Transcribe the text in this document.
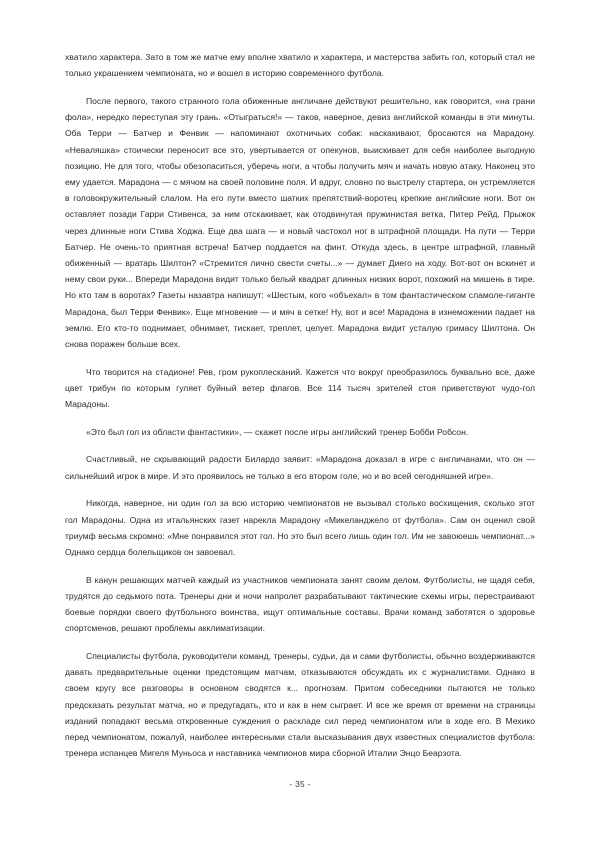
хватило характера. Зато в том же матче ему вполне хватило и характера, и мастерства забить гол, который стал не только украшением чемпионата, но и вошел в историю современного футбола.

После первого, такого странного гола обиженные англичане действуют решительно, как говорится, «на грани фола», нередко переступая эту грань. «Отыграться!» — таков, наверное, девиз английской команды в эти минуты. Оба Терри — Батчер и Фенвик — напоминают охотничьих собак: наскакивают, бросаются на Марадону. «Неваляшка» стоически переносит все это, увертывается от опекунов, выискивает для себя наиболее выгодную позицию. Не для того, чтобы обезопаситься, уберечь ноги, а чтобы получить мяч и начать новую атаку. Наконец это ему удается. Марадона — с мячом на своей половине поля. И вдруг, словно по выстрелу стартера, он устремляется в головокружительный слалом. На его пути вместо шатких препятствий-воротец крепкие английские ноги. Вот он оставляет позади Гарри Стивенса, за ним отскакивает, как отодвинутая пружинистая ветка, Питер Рейд. Прыжок через длинные ноги Стива Ходжа. Еще два шага — и новый частокол ног в штрафной площади. На пути — Терри Батчер. Не очень-то приятная встреча! Батчер поддается на финт. Откуда здесь, в центре штрафной, главный обиженный — вратарь Шилтон? «Стремится лично свести счеты...» — думает Диего на ходу. Вот-вот он вскинет и нему свои руки... Впереди Марадона видит только белый квадрат длинных низких ворот, похожий на мишень в тире. Но кто там в воротах? Газеты назавтра напишут: «Шестым, кого «объехал» в том фантастическом сламоле-гиганте Марадона, был Терри Фенвик». Еще мгновение — и мяч в сетке! Ну, вот и все! Марадона в изнеможении падает на землю. Его кто-то поднимает, обнимает, тискает, треплет, целует. Марадона видит усталую гримасу Шилтона. Он снова поражен больше всех.

Что творится на стадионе! Рев, гром рукоплесканий. Кажется что вокруг преобразилось буквально все, даже цвет трибун по которым гуляет буйный ветер флагов. Все 114 тысяч зрителей стоя приветствуют чудо-гол Марадоны.

«Это был гол из области фантастики», — скажет после игры английский тренер Бобби Робсон.

Счастливый, не скрывающий радости Билардо заявит: «Марадона доказал в игре с англичанами, что он — сильнейший игрок в мире. И это проявилось не только в его втором голе, но и во всей сегодняшней игре».

Никогда, наверное, ни один гол за всю историю чемпионатов не вызывал столько восхищения, сколько этот гол Марадоны. Одна из итальянских газет нарекла Марадону «Микеланджело от футбола». Сам он оценил свой триумф весьма скромно: «Мне понравился этот гол. Но это был всего лишь один гол. Им не завоюешь чемпионат...» Однако сердца болельщиков он завоевал.

В канун решающих матчей каждый из участников чемпионата занят своим делом. Футболисты, не щадя себя, трудятся до седьмого пота. Тренеры дни и ночи напролет разрабатывают тактические схемы игры, перестраивают боевые порядки своего футбольного воинства, ищут оптимальные составы. Врачи команд заботятся о здоровье спортсменов, решают проблемы акклиматизации.

Специалисты футбола, руководители команд, тренеры, судьи, да и сами футболисты, обычно воздерживаются давать предварительные оценки предстоящим матчам, отказываются обсуждать их с журналистами. Однако в своем кругу все разговоры в основном сводятся к... прогнозам. Притом собеседники пытаются не только предсказать результат матча, но и предугадать, кто и как в нем сыграет. И все же время от времени на страницы изданий попадают весьма откровенные суждения о раскладе сил перед чемпионатом или в ходе его. В Мехико перед чемпионатом, пожалуй, наиболее интересными стали высказывания двух известных специалистов футбола: тренера испанцев Мигеля Муньоса и наставника чемпионов мира сборной Италии Энцо Беарзота.

- 35 -
